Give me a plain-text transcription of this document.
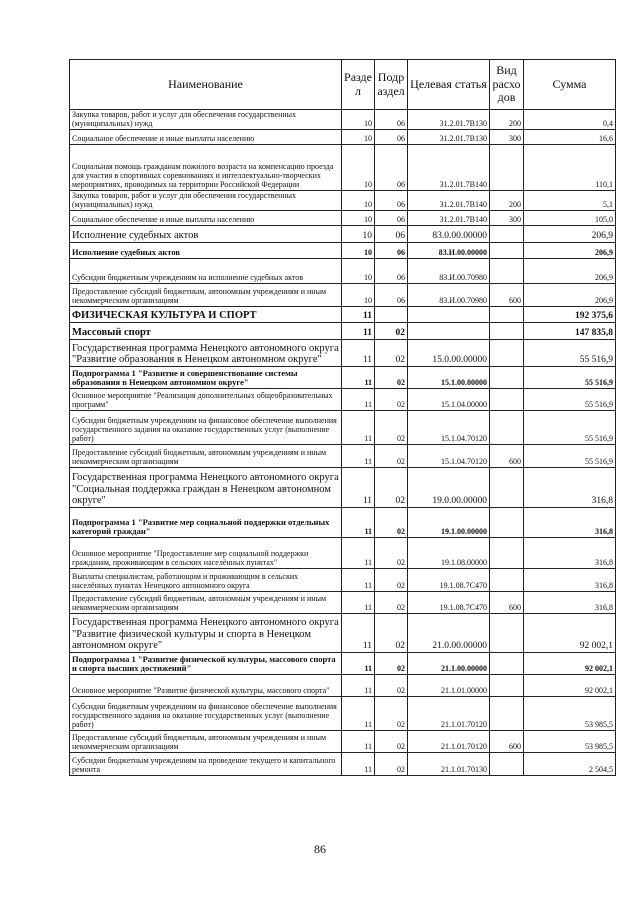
Наименование	Разде л	Подр аздел	Целевая статья	Вид расхо дов	Сумма
Закупка товаров, работ и услуг для обеспечения государственных (муниципальных) нужд	10	06	31.2.01.7В130	200	0,4
Социальное обеспечение и иные выплаты населению	10	06	31.2.01.7В130	300	16,6
Социальная помощь гражданам пожилого возраста на компенсацию проезда для участия в спортивных соревнованиях и интеллектуально-творческих мероприятиях, проводимых на территории Российской Федерации	10	06	31.2.01.7В140		110,1
Закупка товаров, работ и услуг для обеспечения государственных (муниципальных) нужд	10	06	31.2.01.7В140	200	5,1
Социальное обеспечение и иные выплаты населению	10	06	31.2.01.7В140	300	105,0
Исполнение судебных актов	10	06	83.0.00.00000		206,9
Исполнение судебных актов	10	06	83.И.00.00000		206,9
Субсидии бюджетным учреждениям на исполнение судебных актов	10	06	83.И.00.70980		206,9
Предоставление субсидий бюджетным, автономным учреждениям и иным некоммерческим организациям	10	06	83.И.00.70980	600	206,9
ФИЗИЧЕСКАЯ КУЛЬТУРА И СПОРТ	11				192 375,6
Массовый спорт	11	02			147 835,8
Государственная программа Ненецкого автономного округа "Развитие образования в Ненецком автономном округе"	11	02	15.0.00.00000		55 516,9
Подпрограмма 1 "Развитие и совершенствование системы образования в Ненецком автономном округе"	11	02	15.1.00.00000		55 516,9
Основное мероприятие "Реализация дополнительных общеобразовательных программ"	11	02	15.1.04.00000		55 516,9
Субсидии бюджетным учреждениям на финансовое обеспечение выполнения государственного задания на оказание государственных услуг (выполнение работ)	11	02	15.1.04.70120		55 516,9
Предоставление субсидий бюджетным, автономным учреждениям и иным некоммерческим организациям	11	02	15.1.04.70120	600	55 516,9
Государственная программа Ненецкого автономного округа "Социальная поддержка граждан в Ненецком автономном округе"	11	02	19.0.00.00000		316,8
Подпрограмма 1 "Развитие мер социальной поддержки отдельных категорий граждан"	11	02	19.1.00.00000		316,8
Основное мероприятие "Предоставление мер социальной поддержки гражданам, проживающим в сельских населённых пунктах"	11	02	19.1.08.00000		316,8
Выплаты специалистам, работающим и проживающим в сельских населённых пунктах Ненецкого автономного округа	11	02	19.1.08.7С470		316,8
Предоставление субсидий бюджетным, автономным учреждениям и иным некоммерческим организациям	11	02	19.1.08.7С470	600	316,8
Государственная программа Ненецкого автономного округа "Развитие физической культуры и спорта в Ненецком автономном округе"	11	02	21.0.00.00000		92 002,1
Подпрограмма 1 "Развитие физической культуры, массового спорта и спорта высших достижений"	11	02	21.1.00.00000		92 002,1
Основное мероприятие "Развитие физической культуры, массового спорта"	11	02	21.1.01.00000		92 002,1
Субсидии бюджетным учреждениям на финансовое обеспечение выполнения государственного задания на оказание государственных услуг (выполнение работ)	11	02	21.1.01.70120		53 985,5
Предоставление субсидий бюджетным, автономным учреждениям и иным некоммерческим организациям	11	02	21.1.01.70120	600	53 985,5
Субсидии бюджетным учреждениям на проведение текущего и капитального ремонта	11	02	21.1.01.70130		2 504,5
86
